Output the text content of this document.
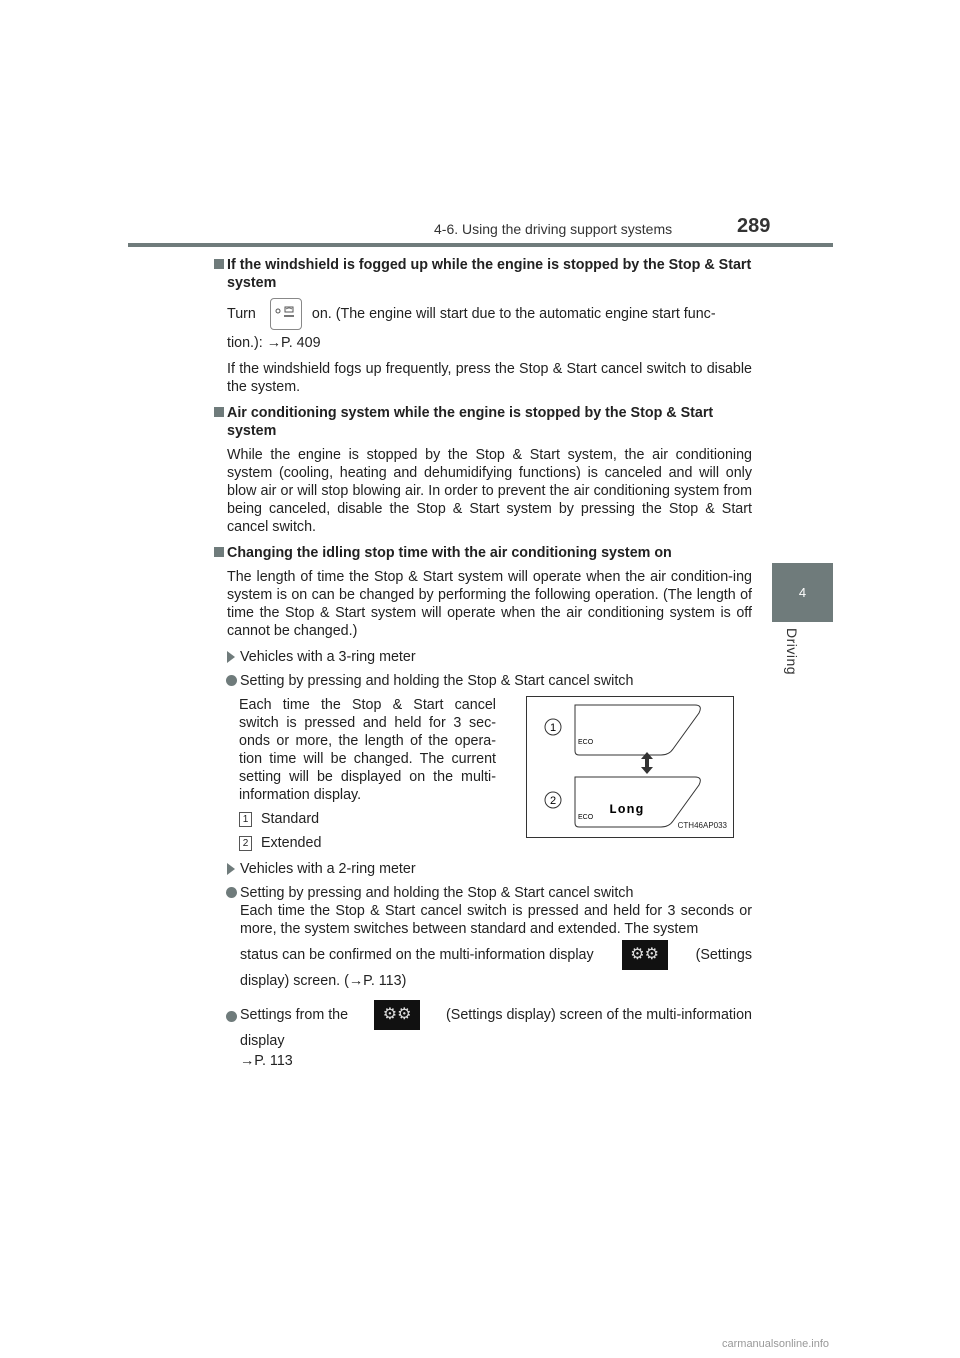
4-6. Using the driving support systems	289
4
Driving
If the windshield is fogged up while the engine is stopped by the Stop & Start system
Turn	on. (The engine will start due to the automatic engine start func-
tion.): →P. 409
If the windshield fogs up frequently, press the Stop & Start cancel switch to disable the system.
Air conditioning system while the engine is stopped by the Stop & Start system
While the engine is stopped by the Stop & Start system, the air conditioning system (cooling, heating and dehumidifying functions) is canceled and will only blow air or will stop blowing air. In order to prevent the air conditioning system from being canceled, disable the Stop & Start system by pressing the Stop & Start cancel switch.
Changing the idling stop time with the air conditioning system on
The length of time the Stop & Start system will operate when the air condition-ing system is on can be changed by performing the following operation. (The length of time the Stop & Start system will operate when the air conditioning system is off cannot be changed.)
Vehicles with a 3-ring meter
Setting by pressing and holding the Stop & Start cancel switch
Each time the Stop & Start cancel switch is pressed and held for 3 sec-onds or more, the length of the opera-tion time will be changed. The current setting will be displayed on the multi-information display.
1 Standard
2 Extended
1
ECO
2
ECO
Long
CTH46AP033
Vehicles with a 2-ring meter
Setting by pressing and holding the Stop & Start cancel switch
Each time the Stop & Start cancel switch is pressed and held for 3 seconds or more, the system switches between standard and extended. The system
status can be confirmed on the multi-information display	⚙⚙	(Settings
display) screen. (→P. 113)
Settings from the	⚙⚙	(Settings display) screen of the multi-information
display
→P. 113
carmanualsonline.info
